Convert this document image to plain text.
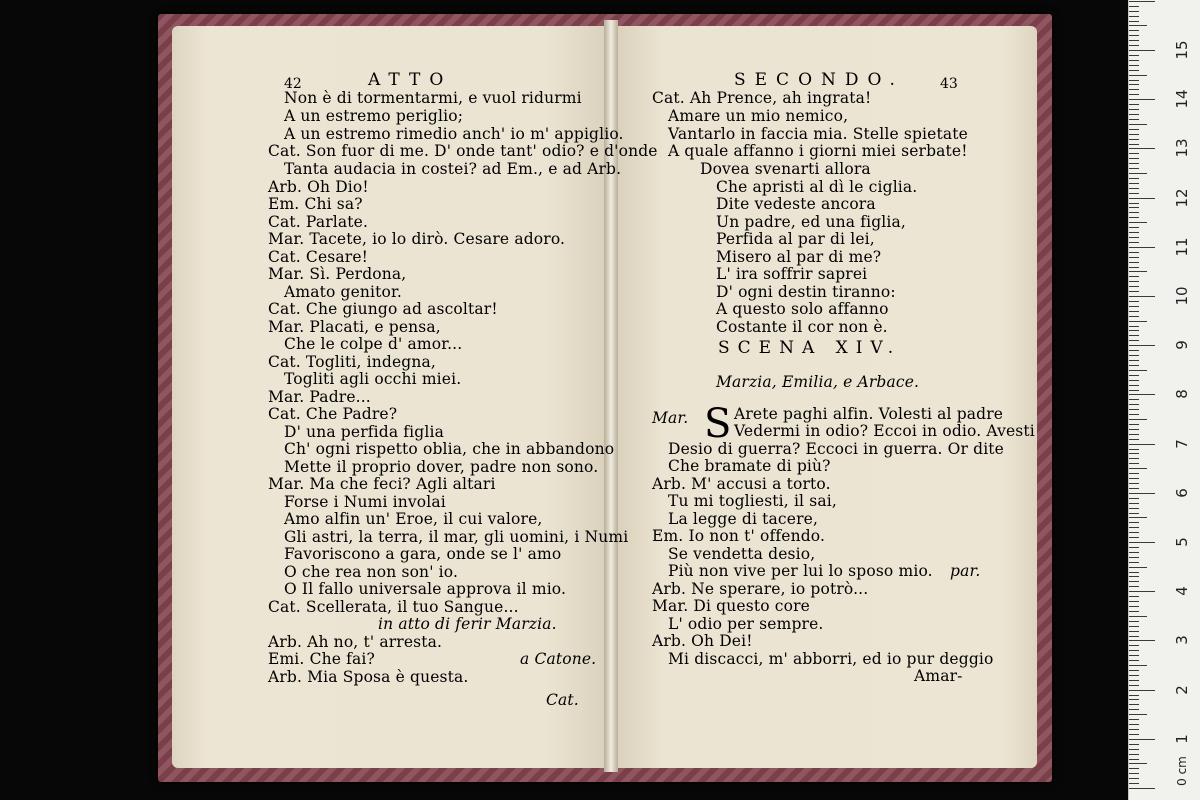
42	ATTO
Non è di tormentarmi, e vuol ridurmi
A un estremo periglio;
A un estremo rimedio anch' io m' appiglio.
Cat. Son fuor di me. D' onde tant' odio? e d'onde
Tanta audacia in costei? ad Em., e ad Arb.
Arb. Oh Dio!
Em. Chi sa?
Cat. Parlate.
Mar. Tacete, io lo dirò. Cesare adoro.
Cat. Cesare!
Mar. Sì. Perdona,
Amato genitor.
Cat. Che giungo ad ascoltar!
Mar. Placati, e pensa,
Che le colpe d' amor...
Cat. Togliti, indegna,
Togliti agli occhi miei.
Mar. Padre...
Cat. Che Padre?
D' una perfida figlia
Ch' ogni rispetto oblia, che in abbandono
Mette il proprio dover, padre non sono.
Mar. Ma che feci? Agli altari
Forse i Numi involai
Amo alfin un' Eroe, il cui valore,
Gli astri, la terra, il mar, gli uomini, i Numi
Favoriscono a gara, onde se l' amo
O che rea non son' io.
O Il fallo universale approva il mio.
Cat. Scellerata, il tuo Sangue...
in atto di ferir Marzia.
Arb. Ah no, t' arresta.
Emi. Che fai?	a Catone.
Arb. Mia Sposa è questa.
Cat.
SECONDO.	43
Cat. Ah Prence, ah ingrata!
Amare un mio nemico,
Vantarlo in faccia mia. Stelle spietate
A quale affanno i giorni miei serbate!
Dovea svenarti allora
Che apristi al dì le ciglia.
Dite vedeste ancora
Un padre, ed una figlia,
Perfida al par di lei,
Misero al par di me?
L' ira soffrir saprei
D' ogni destin tiranno:
A questo solo affanno
Costante il cor non è.
SCENA XIV.
Marzia, Emilia, e Arbace.
Mar. S Arete paghi alfin. Volesti al padre
Vedermi in odio? Eccoi in odio. Avesti
Desio di guerra? Eccoci in guerra. Or dite
Che bramate di più?
Arb. M' accusi a torto.
Tu mi togliesti, il sai,
La legge di tacere,
Em. Io non t' offendo.
Se vendetta desio,
Più non vive per lui lo sposo mio. par.
Arb. Ne sperare, io potrò...
Mar. Di questo core
L' odio per sempre.
Arb. Oh Dei!
Mi discacci, m' abborri, ed io pur deggio
Amar-
0 cm
1
2
3
4
5
6
7
8
9
10
11
12
13
14
15
